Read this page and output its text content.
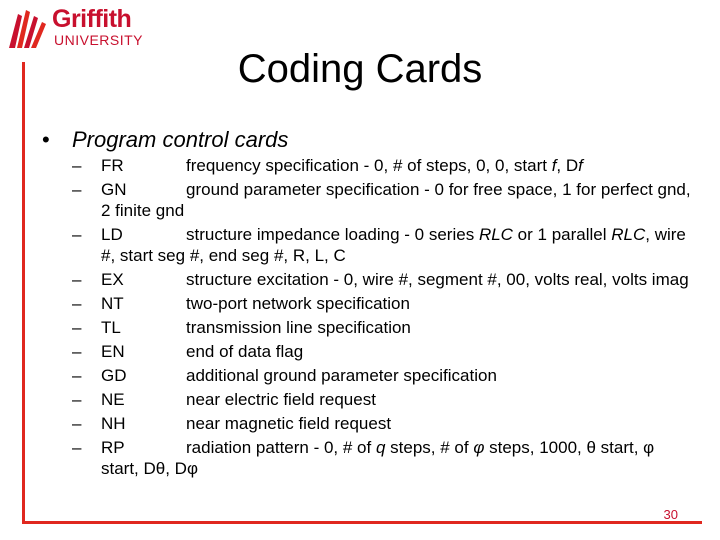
Griffith
UNIVERSITY
Coding Cards
• Program control cards
– FR	frequency specification - 0, # of steps, 0, 0, start f, Df
– GN	ground parameter specification - 0 for free space, 1 for perfect gnd, 2 finite gnd
– LD	structure impedance loading - 0 series RLC or 1 parallel RLC, wire #, start seg #, end seg #, R, L, C
– EX	structure excitation - 0, wire #, segment #, 00, volts real, volts imag
– NT	two-port network specification
– TL	transmission line specification
– EN	end of data flag
– GD	additional ground parameter specification
– NE	near electric field request
– NH	near magnetic field request
– RP	radiation pattern - 0, # of q steps, # of φ steps, 1000, θ start, φ start, Dθ, Dφ
30
